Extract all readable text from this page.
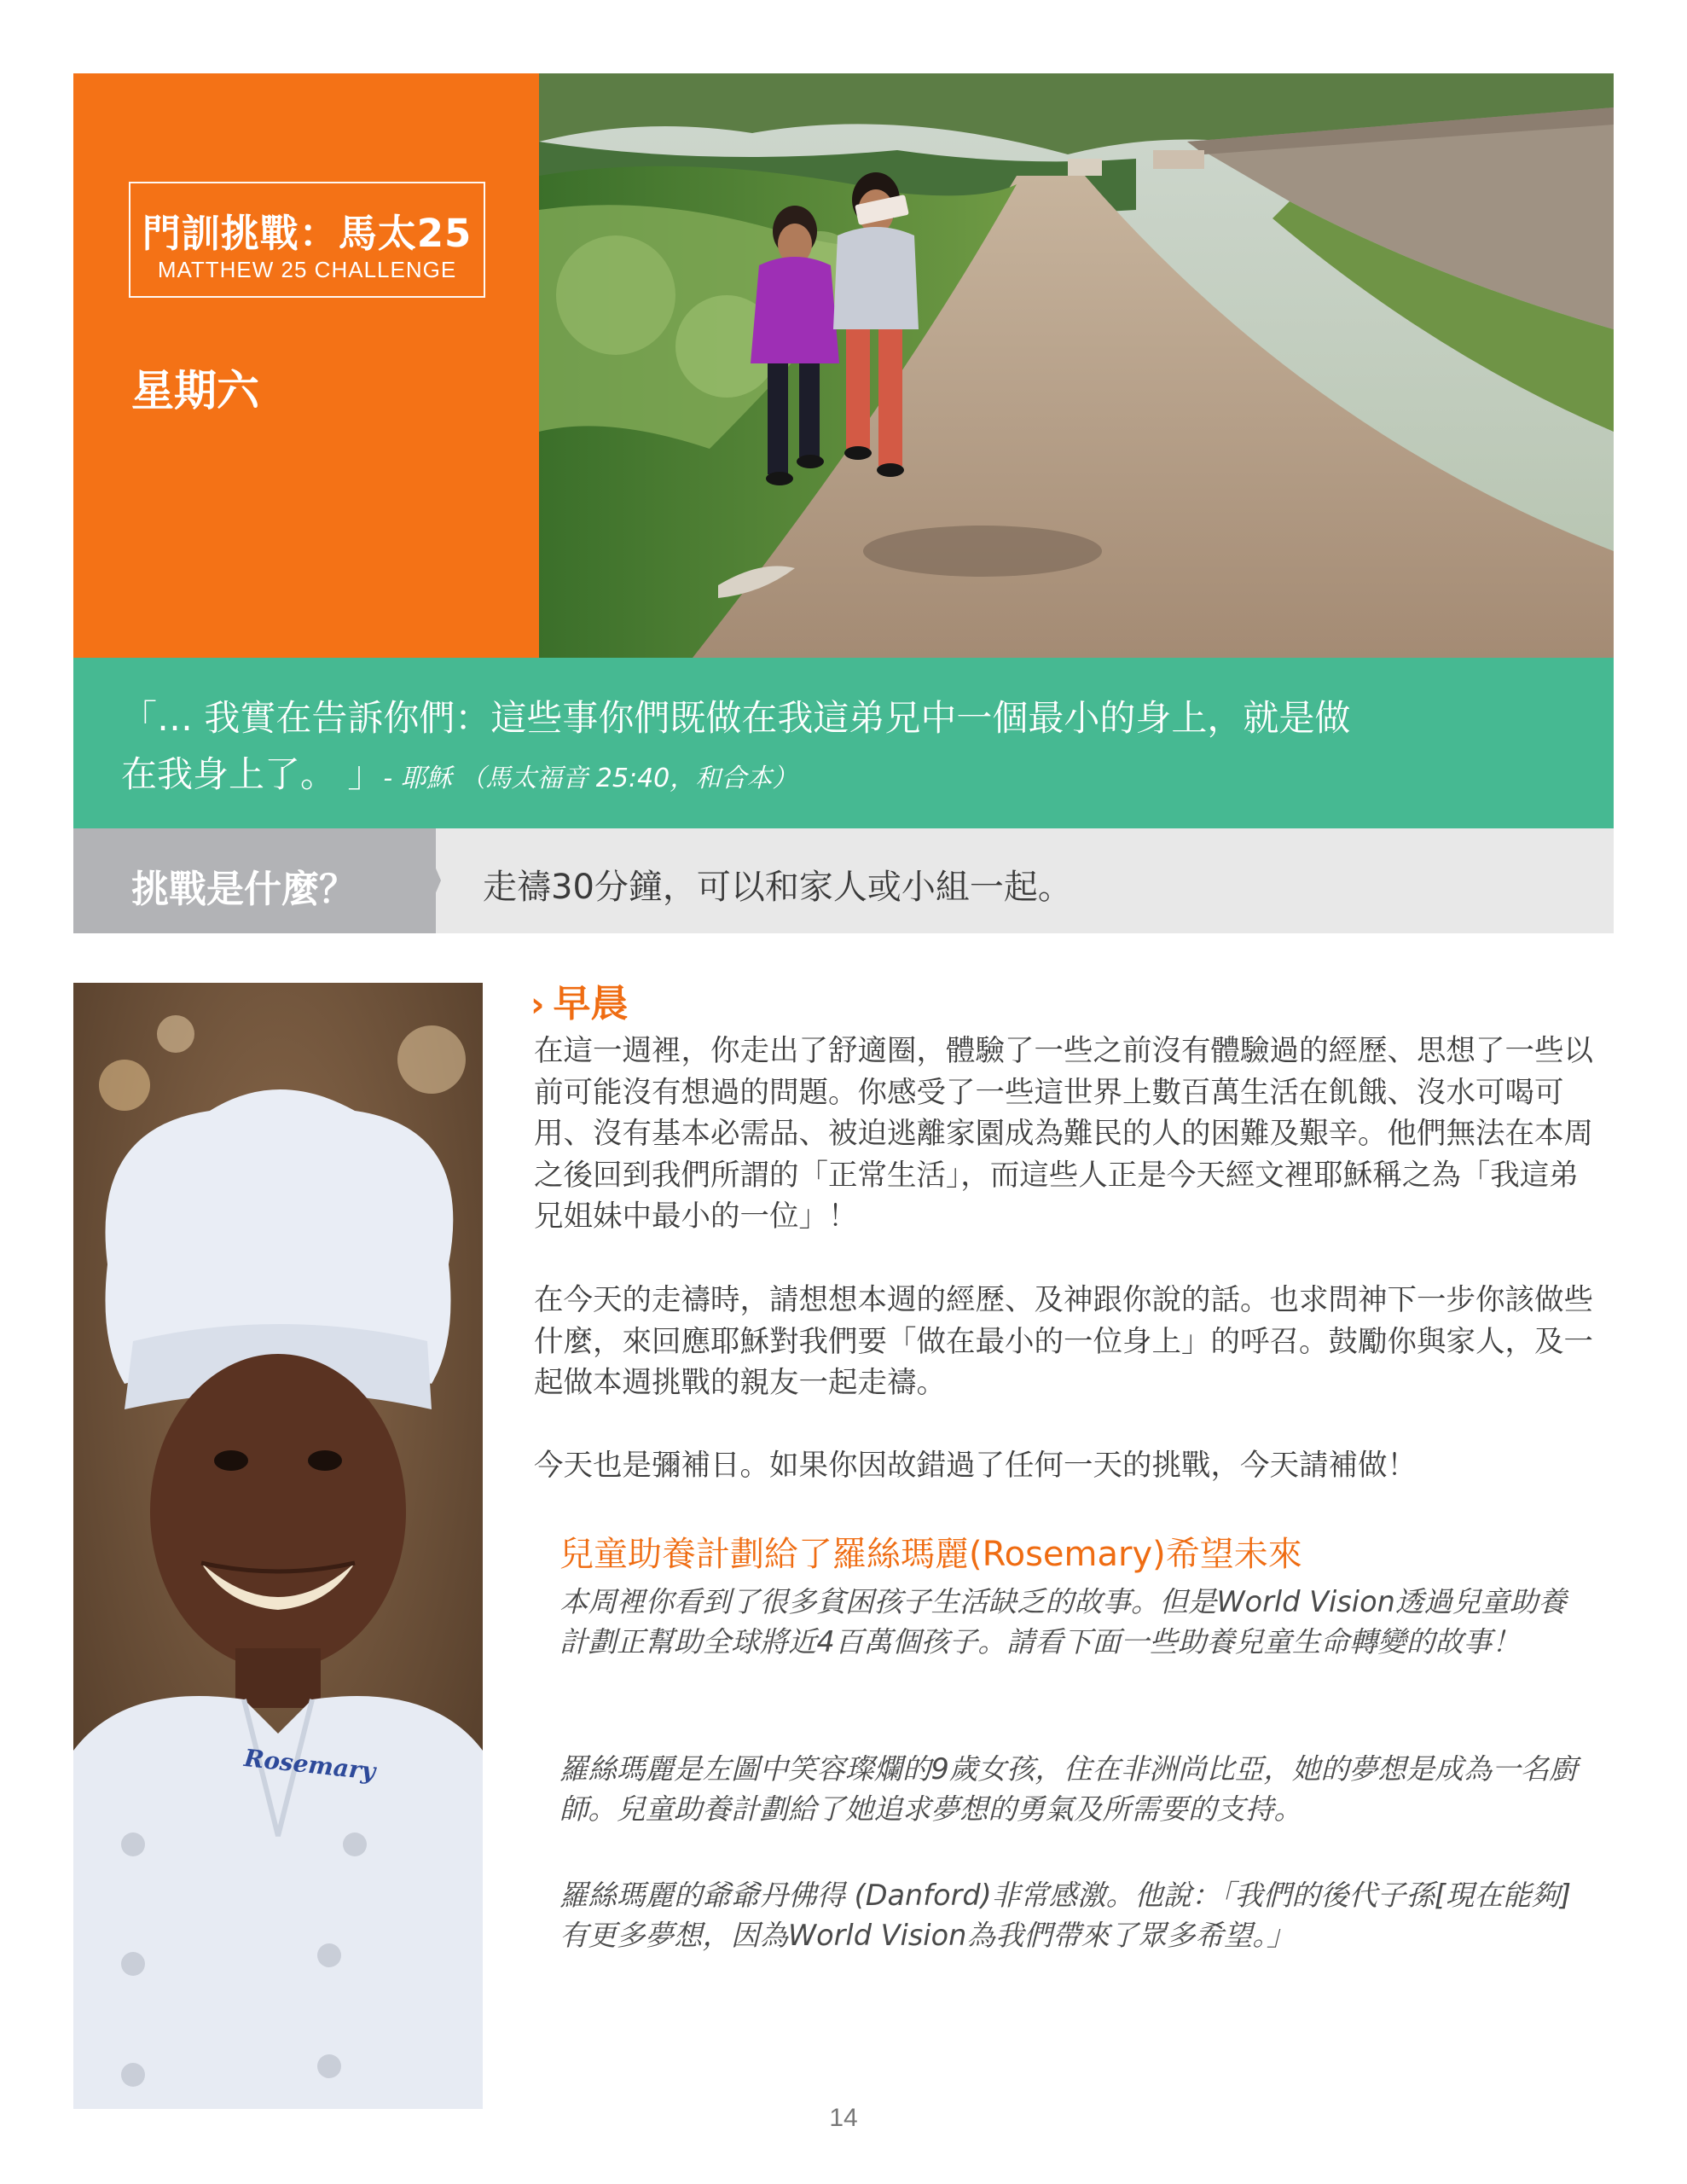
門訓挑戰：馬太25
MATTHEW 25 CHALLENGE
星期六
「… 我實在告訴你們：這些事你們既做在我這弟兄中一個最小的身上，就是做
在我身上了。 」- 耶穌 （馬太福音 25:40，和合本）
挑戰是什麼？	走禱30分鐘，可以和家人或小組一起。
Rosemary
› 早晨
在這一週裡，你走出了舒適圈，體驗了一些之前沒有體驗過的經歷、思想了一些以前可能沒有想過的問題。你感受了一些這世界上數百萬生活在飢餓、沒水可喝可用、沒有基本必需品、被迫逃離家園成為難民的人的困難及艱辛。他們無法在本周之後回到我們所謂的「正常生活」，而這些人正是今天經文裡耶穌稱之為「我這弟兄姐妹中最小的一位」！
在今天的走禱時，請想想本週的經歷、及神跟你說的話。也求問神下一步你該做些什麼，來回應耶穌對我們要「做在最小的一位身上」的呼召。鼓勵你與家人，及一起做本週挑戰的親友一起走禱。
今天也是彌補日。如果你因故錯過了任何一天的挑戰，今天請補做！
兒童助養計劃給了羅絲瑪麗(Rosemary)希望未來
本周裡你看到了很多貧困孩子生活缺乏的故事。但是World Vision透過兒童助養計劃正幫助全球將近4百萬個孩子。請看下面一些助養兒童生命轉變的故事！
羅絲瑪麗是左圖中笑容璨爛的9歲女孩，住在非洲尚比亞，她的夢想是成為一名廚師。兒童助養計劃給了她追求夢想的勇氣及所需要的支持。
羅絲瑪麗的爺爺丹佛得 (Danford)非常感激。他說：「我們的後代子孫[現在能夠]有更多夢想，因為World Vision為我們帶來了眾多希望。」
14
